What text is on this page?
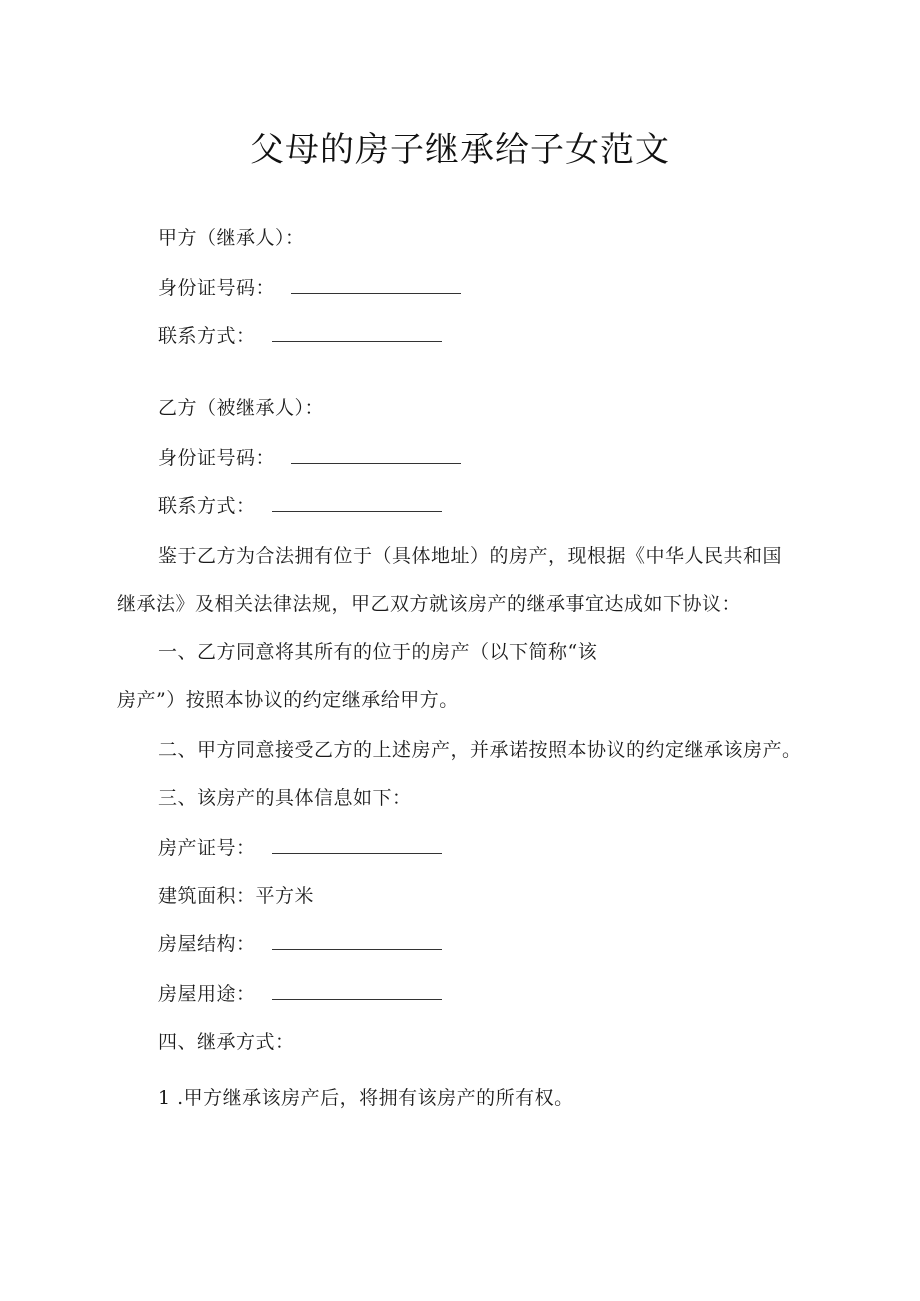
父母的房子继承给子女范文
甲方（继承人）：
身份证号码：
联系方式：
乙方（被继承人）：
身份证号码：
联系方式：
鉴于乙方为合法拥有位于（具体地址）的房产，现根据《中华人民共和国
继承法》及相关法律法规，甲乙双方就该房产的继承事宜达成如下协议：
一、乙方同意将其所有的位于的房产（以下简称“该
房产”）按照本协议的约定继承给甲方。
二、甲方同意接受乙方的上述房产，并承诺按照本协议的约定继承该房产。
三、该房产的具体信息如下：
房产证号：
建筑面积：平方米
房屋结构：
房屋用途：
四、继承方式：
1 .甲方继承该房产后，将拥有该房产的所有权。
